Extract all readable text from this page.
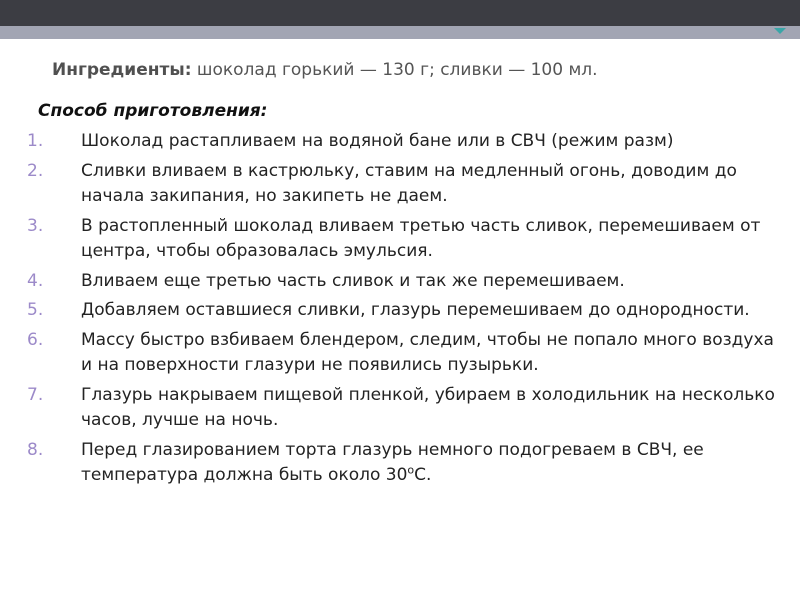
Ингредиенты: шоколад горький — 130 г; сливки — 100 мл.
Способ приготовления:
1. Шоколад растапливаем на водяной бане или в СВЧ (режим разм)
2. Сливки вливаем в кастрюльку, ставим на медленный огонь, доводим до начала закипания, но закипеть не даем.
3. В растопленный шоколад вливаем третью часть сливок, перемешиваем от центра, чтобы образовалась эмульсия.
4. Вливаем еще третью часть сливок и так же перемешиваем.
5. Добавляем оставшиеся сливки, глазурь перемешиваем до однородности.
6. Массу быстро взбиваем блендером, следим, чтобы не попало много воздуха и на поверхности глазури не появились пузырьки.
7. Глазурь накрываем пищевой пленкой, убираем в холодильник на несколько часов, лучше на ночь.
8. Перед глазированием торта глазурь немного подогреваем в СВЧ, ее температура должна быть около $30^оС$.
